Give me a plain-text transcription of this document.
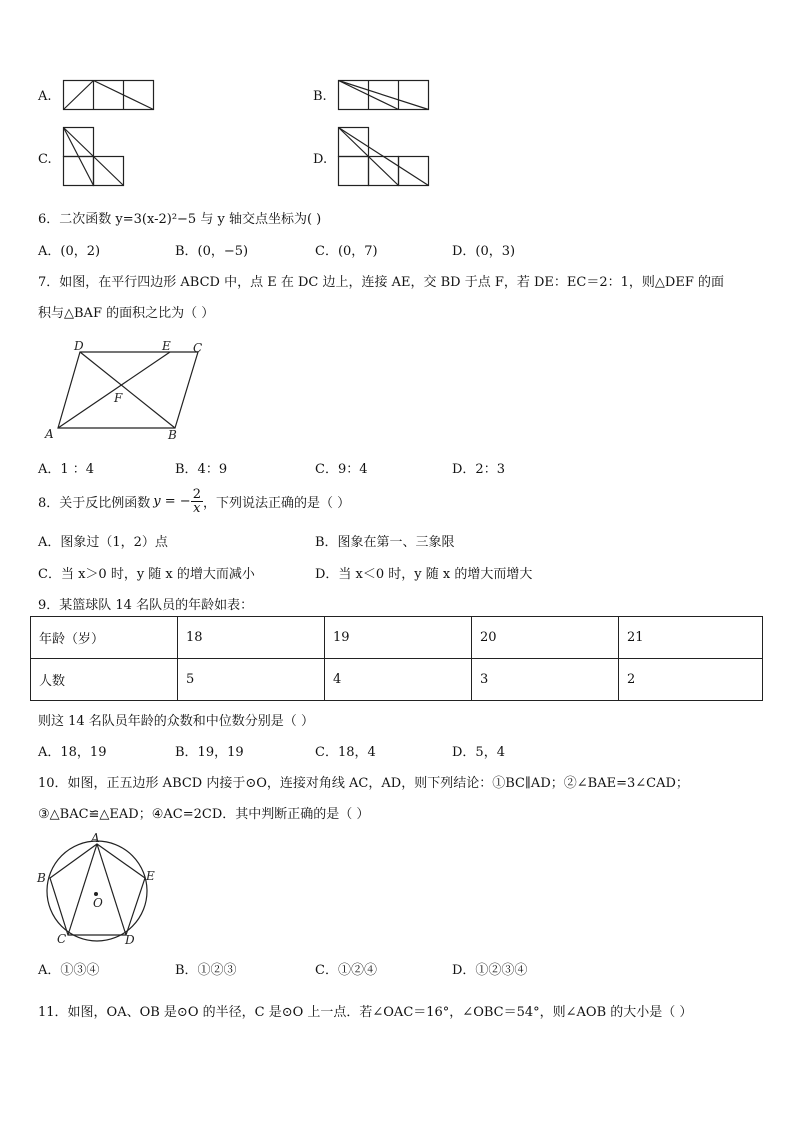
A.	B.
C.	D.
6．二次函数 y=3(x-2)²−5 与 y 轴交点坐标为( )
A．(0，2)	B．(0，−5)	C．(0，7)	D．(0，3)
7．如图，在平行四边形 ABCD 中，点 E 在 DC 边上，连接 AE，交 BD 于点 F，若 DE：EC＝2：1，则△DEF 的面
积与△BAF 的面积之比为（ ）
D	E C
F
A	B
A．1 ：4	B．4：9	C．9：4	D．2：3
8．关于反比例函数 y = − $\frac{2}{x}$ ，下列说法正确的是（ ）
A．图象过（1，2）点	B．图象在第一、三象限
C．当 x＞0 时，y 随 x 的增大而减小	D．当 x＜0 时，y 随 x 的增大而增大
9．某篮球队 14 名队员的年龄如表：
年龄（岁）	18	19	20	21
人数	5	4	3	2
则这 14 名队员年龄的众数和中位数分别是（ ）
A．18，19	B．19，19	C．18，4	D．5，4
10．如图，正五边形 ABCD 内接于⊙O，连接对角线 AC，AD，则下列结论：①BC∥AD；②∠BAE=3∠CAD；
③△BAC≌△EAD；④AC=2CD．其中判断正确的是（ ）
A
B	E
O
C	D
A．①③④	B．①②③	C．①②④	D．①②③④
11．如图，OA、OB 是⊙O 的半径，C 是⊙O 上一点．若∠OAC＝16°，∠OBC＝54°，则∠AOB 的大小是（ ）
